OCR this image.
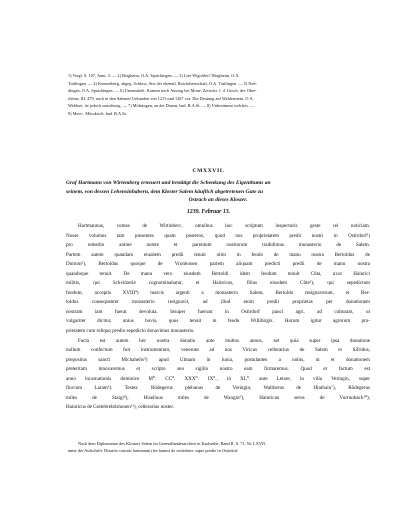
1) Vergl. S. 107, Anm. 3. — 2) Beigheim, O.A. Spaichingen. — 3) Lies Wigoldes? Weigheim, O.A.
Tuttlingen. — 4) Konzenberg, abgeg. Schloss, Sitz der ehemal. Reichsherrschaft, O.A. Tuttlingen. — 5) Nen-
dingen, O.A. Spaichingen. — 6) Unermittelt. Kommt noch Auszug bei Mone, Zeitschr. f. d. Gesch. des Ober-
rheins, III, 479, nach in den Salemer Urkunden von 1213 und 1267 vor. Die Deutung auf Waldenstein, O.A.
Waldsee, ist jedoch unzulässig. — 7) Möhringen, an der Donau, bad. B.A.St. — 8) Unbestimmt welches. —
9) Mess-, Mösskirch, bad. B.A.St.
CMXXVII.
Graf Hartmann von Wirtemberg erneuert und bestätigt die Schenkung des Eigenthums an
seinem, von dessen Lehensinhabern, dem Kloster Salem käuflich abgetretenen Gute zu
Ostrach an dieses Kloster.
1239. Februar 13.
Hartmannus, comes de Wirtinberc, omnibus hoc scriptum inspecturis geste rei noticiam.
Nosse volumus tam presentes quam posteros, quod nos proprietatem predii nostri in Ostirdorf¹)
pro remedio anime nostre et parentum nostrorum tradidimus monasterio de Salem.
Partem autem quandam eiusdem predii tenuit olim in feodo de manu nostra Bertoldus de
Durnon²), Bertoldus quoque de Vronhouen partem aliquam predicti predii de manu nostra
quandoque tenuit. De manu vero eiusdem Bertoldi idem feodum tenuit Cůta, uxor Hainrici
militis, qui Schvitzerie cognominabatur, et Hainricus, filius eiusdem Cůte³), qui sepedictum
feodum, acceptis XVIII⁴) marcis argenti a monasterio Salem, Bertoldo resignaverunt, et Ber-
toldus consequenter monasterio resignavit, ad illud enim predii proprietas per donationem
nostram iam fuerat devoluta. Insuper fuerunt in Ostirdorf pauci agri, ad culturam, ut
vulgariter dicitur, unius bovis, quos tenuit in feodo Willibirgis. Horum igitur agrorum pro-
prietatem cum reliquo predio sepedicto donavimus monasterio.
Facta est autem hec nostra donatio ante multos annos, set quia super ipsa donatione
nullum confectum fuit instrumentum, venerunt ad nos Viricus cellerarius de Salem et Sifridus,
prepositus sancti Michahelis⁵) apud Ulmam in lunia, postulantes a nobis, ut et donationem
preteritam innovaremus et scripto seu sigillo nostro eam firmaremus. Quod et factum est
anno incarnationis dominice M⁰. CC⁰. XXX⁰. IX⁰., in XL⁰. ante Letare, in villa Veringin, super
fluvium Laram⁶). Testes: Rŏdegerus plebanus de Veringin, Waltherus de Hinthain⁷), Rŏdegerus
miles de Staigi⁸), Hiseliuus miles de Wangin⁹), Hainricus serus de Vurrunbach¹⁰),
Hainricus de Gottebrehtishouen¹¹), cellerarius noster.
Nach dem Diplomatare des Klosters Salem im Generallandesarchive in Karlsruhe, Band II, S. 71, Nr. LXVII,
unter der Aufschrift: Donatio comitis hartmanni (tes harim) de wirtinberc super predio in Ostirdorf.
